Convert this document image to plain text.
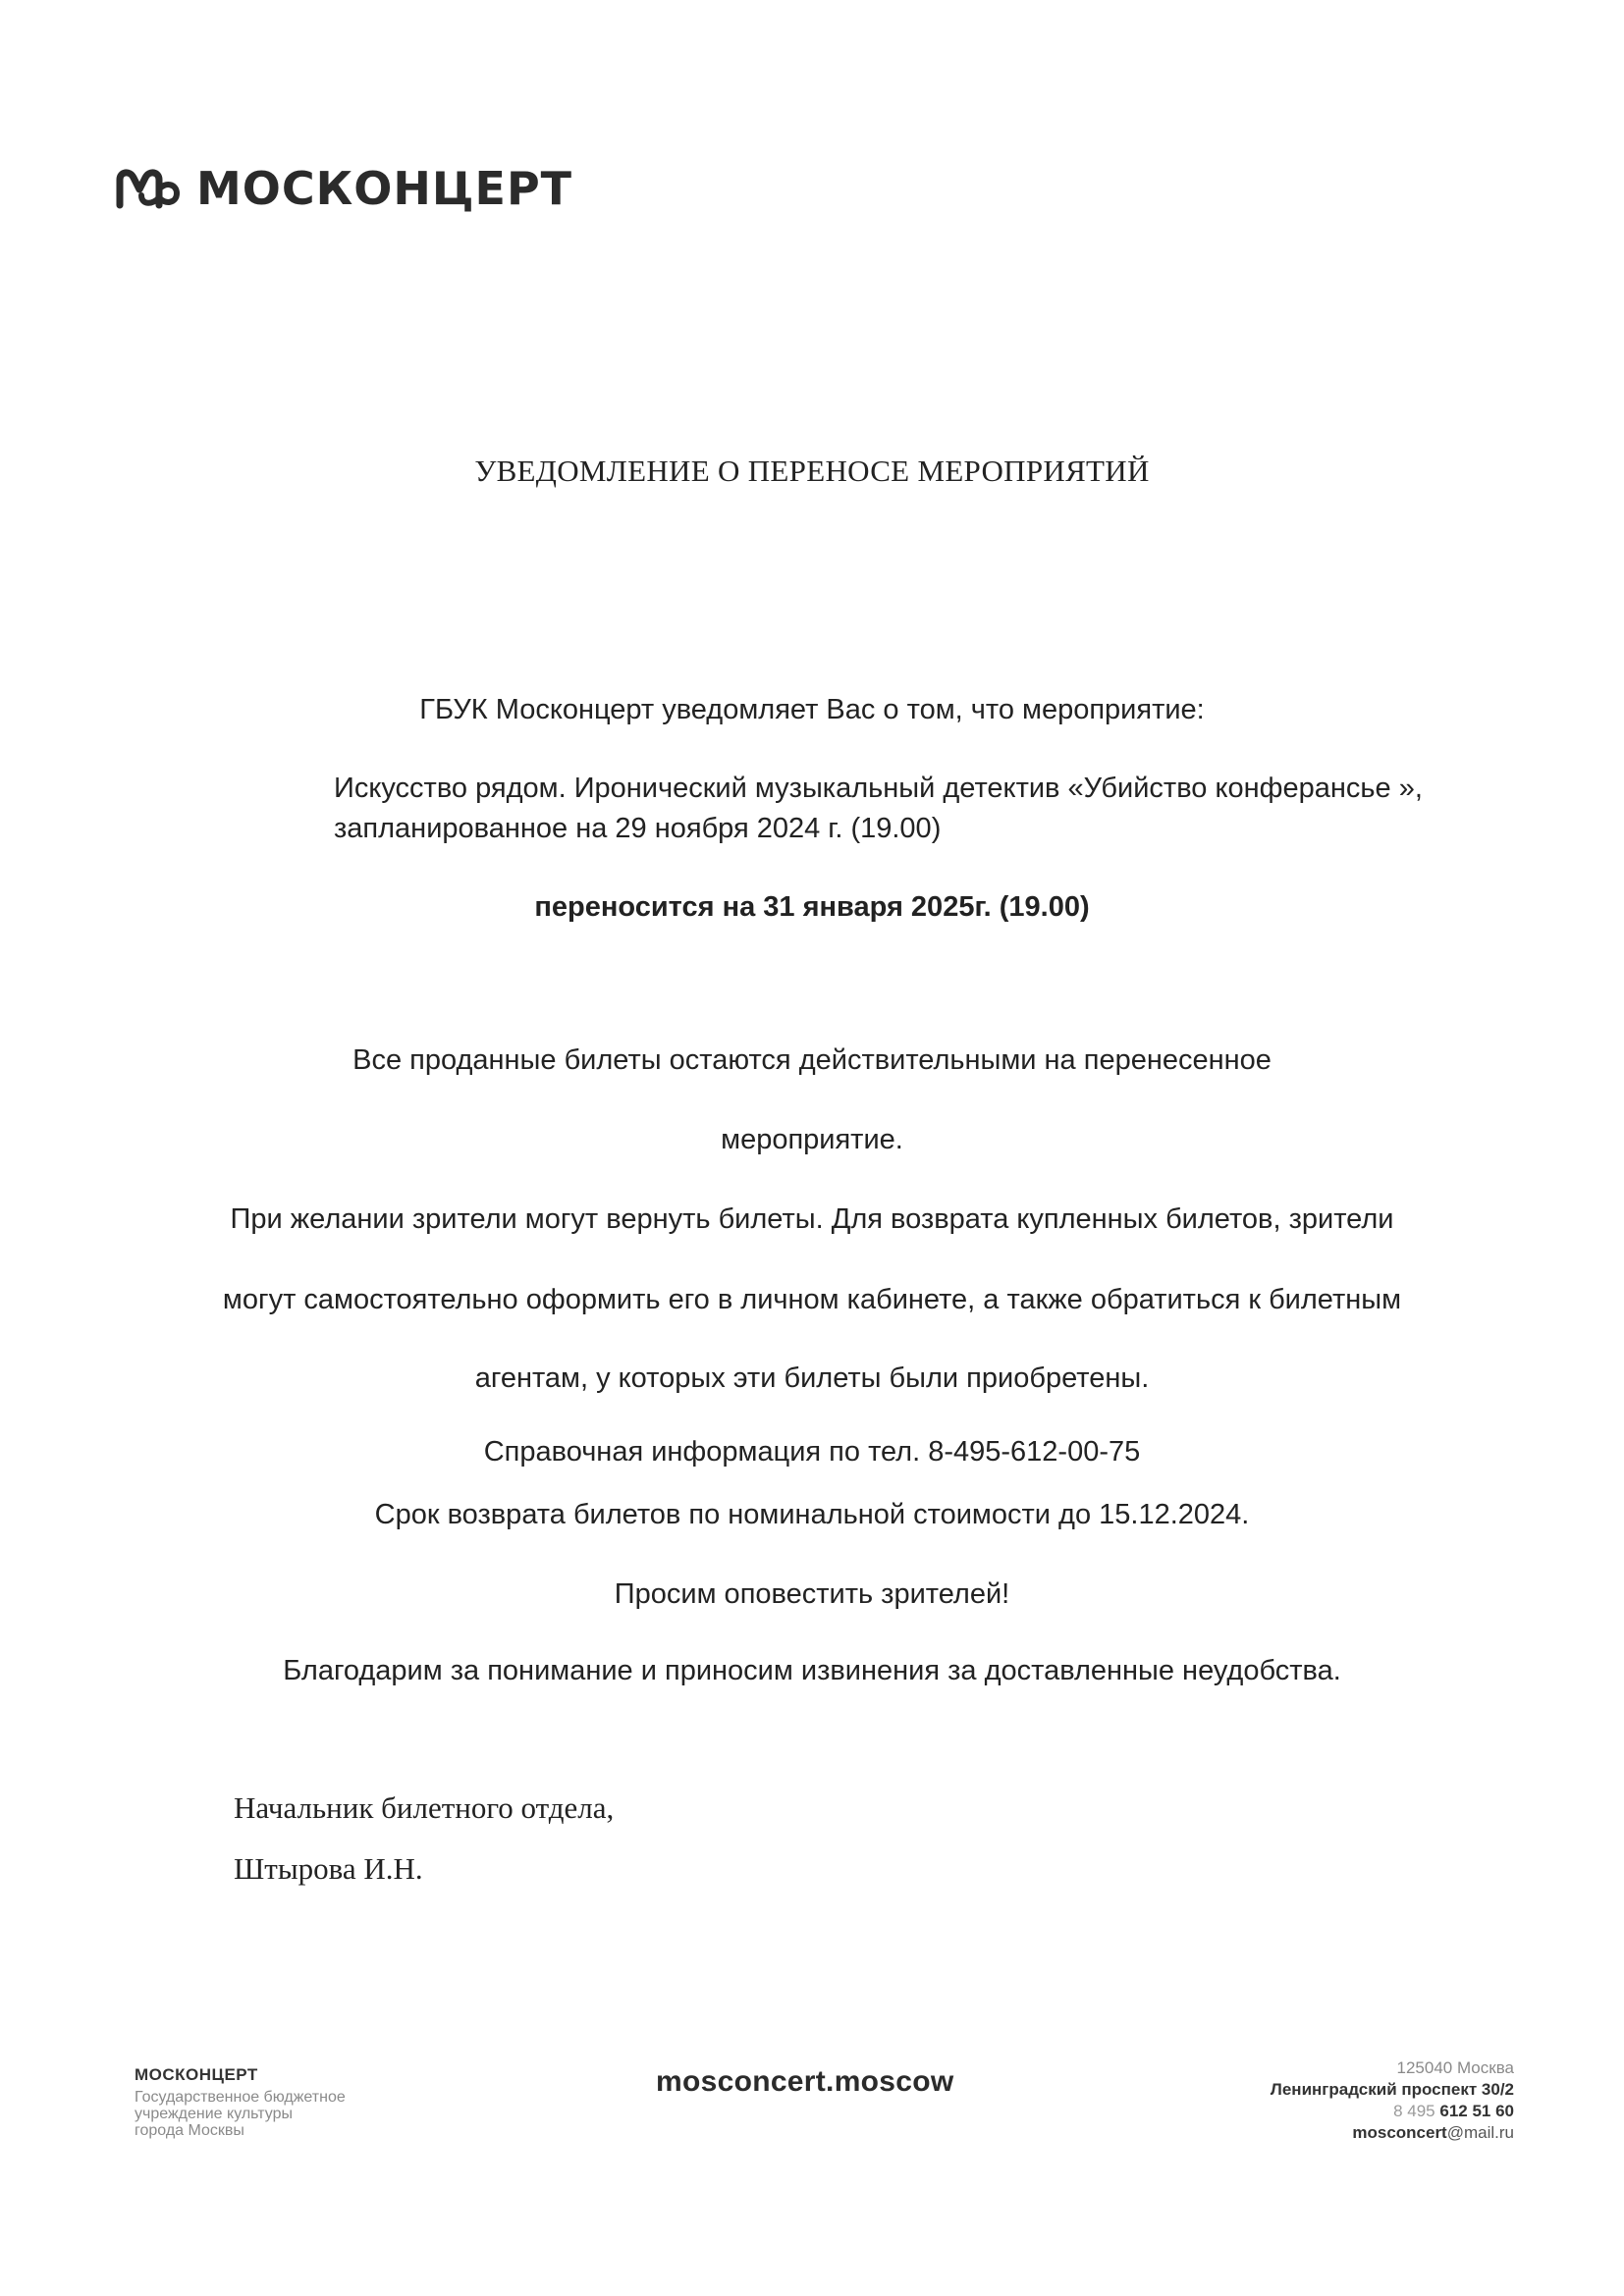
МОСКОНЦЕРТ
УВЕДОМЛЕНИЕ О ПЕРЕНОСЕ МЕРОПРИЯТИЙ
ГБУК Москонцерт уведомляет Вас о том, что мероприятие:
Искусство рядом. Иронический музыкальный детектив «Убийство конферансье »,
запланированное на 29 ноября 2024 г. (19.00)
переносится на 31 января 2025г. (19.00)
Все проданные билеты остаются действительными на перенесенное
мероприятие.
При желании зрители могут вернуть билеты. Для возврата купленных билетов, зрители
могут самостоятельно оформить его в личном кабинете, а также обратиться к билетным
агентам, у которых эти билеты были приобретены.
Справочная информация по тел. 8-495-612-00-75
Срок возврата билетов по номинальной стоимости до 15.12.2024.
Просим оповестить зрителей!
Благодарим за понимание и приносим извинения за доставленные неудобства.
Начальник билетного отдела,
Штырова И.Н.
МОСКОНЦЕРТ
Государственное бюджетное
учреждение культуры
города Москвы
mosconcert.moscow	125040 Москва
Ленинградский проспект 30/2
8 495 612 51 60
mosconcert@mail.ru
